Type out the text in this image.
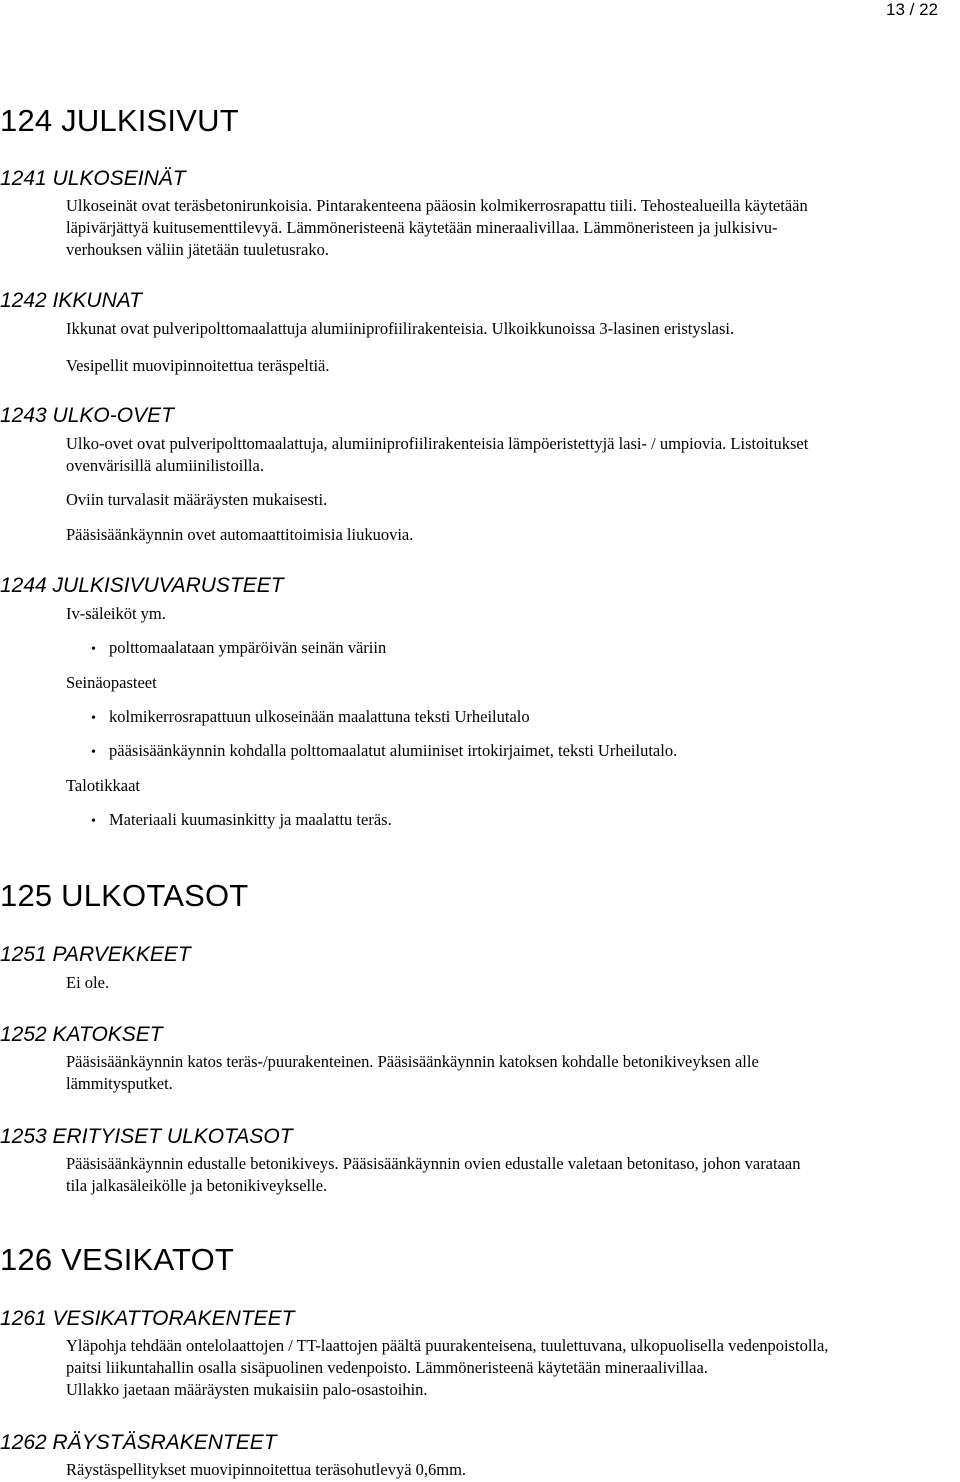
13 / 22
124 JULKISIVUT
1241 ULKOSEINÄT
Ulkoseinät ovat teräsbetonirunkoisia. Pintarakenteena pääosin kolmikerrosrapattu tiili. Tehostealueilla käytetään
läpivärjättyä kuitusementtilevyä. Lämmöneristeenä käytetään mineraalivillaa. Lämmöneristeen ja julkisivu-
verhouksen väliin jätetään tuuletusrako.
1242 IKKUNAT
Ikkunat ovat pulveripolttomaalattuja alumiiniprofiilirakenteisia. Ulkoikkunoissa 3-lasinen eristyslasi.
Vesipellit muovipinnoitettua teräspeltiä.
1243 ULKO-OVET
Ulko-ovet ovat pulveripolttomaalattuja, alumiiniprofiilirakenteisia lämpöeristettyjä lasi- / umpiovia. Listoitukset
ovenvärisillä alumiinilistoilla.
Oviin turvalasit määräysten mukaisesti.
Pääsisäänkäynnin ovet automaattitoimisia liukuovia.
1244 JULKISIVUVARUSTEET
Iv-säleiköt ym.
• polttomaalataan ympäröivän seinän väriin
Seinäopasteet
• kolmikerrosrapattuun ulkoseinään maalattuna teksti Urheilutalo
• pääsisäänkäynnin kohdalla polttomaalatut alumiiniset irtokirjaimet, teksti Urheilutalo.
Talotikkaat
• Materiaali kuumasinkitty ja maalattu teräs.
125 ULKOTASOT
1251 PARVEKKEET
Ei ole.
1252 KATOKSET
Pääsisäänkäynnin katos teräs-/puurakenteinen. Pääsisäänkäynnin katoksen kohdalle betonikiveyksen alle
lämmitysputket.
1253 ERITYISET ULKOTASOT
Pääsisäänkäynnin edustalle betonikiveys. Pääsisäänkäynnin ovien edustalle valetaan betonitaso, johon varataan
tila jalkasäleikölle ja betonikiveykselle.
126 VESIKATOT
1261 VESIKATTORAKENTEET
Yläpohja tehdään ontelolaattojen / TT-laattojen päältä puurakenteisena, tuulettuvana, ulkopuolisella vedenpoistolla,
paitsi liikuntahallin osalla sisäpuolinen vedenpoisto. Lämmöneristeenä käytetään mineraalivillaa.
Ullakko jaetaan määräysten mukaisiin palo-osastoihin.
1262 RÄYSTÄSRAKENTEET
Räystäspellitykset muovipinnoitettua teräsohutlevyä 0,6mm.
